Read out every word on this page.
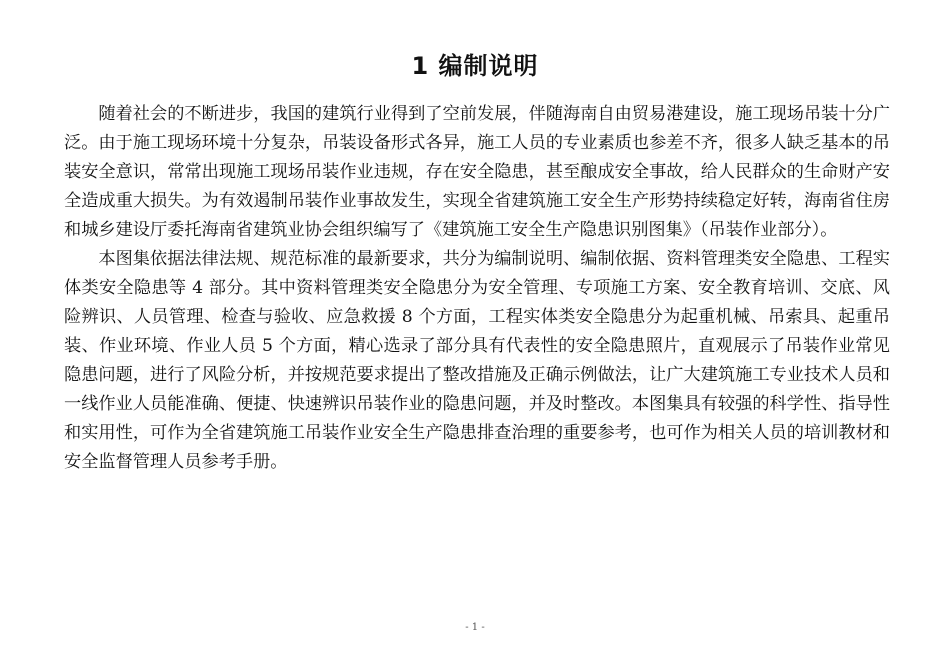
1 编制说明

随着社会的不断进步，我国的建筑行业得到了空前发展，伴随海南自由贸易港建设，施工现场吊装十分广泛。由于施工现场环境十分复杂，吊装设备形式各异，施工人员的专业素质也参差不齐，很多人缺乏基本的吊装安全意识，常常出现施工现场吊装作业违规，存在安全隐患，甚至酿成安全事故，给人民群众的生命财产安全造成重大损失。为有效遏制吊装作业事故发生，实现全省建筑施工安全生产形势持续稳定好转，海南省住房和城乡建设厅委托海南省建筑业协会组织编写了《建筑施工安全生产隐患识别图集》（吊装作业部分）。

本图集依据法律法规、规范标准的最新要求，共分为编制说明、编制依据、资料管理类安全隐患、工程实体类安全隐患等 4 部分。其中资料管理类安全隐患分为安全管理、专项施工方案、安全教育培训、交底、风险辨识、人员管理、检查与验收、应急救援 8 个方面，工程实体类安全隐患分为起重机械、吊索具、起重吊装、作业环境、作业人员 5 个方面，精心选录了部分具有代表性的安全隐患照片，直观展示了吊装作业常见隐患问题，进行了风险分析，并按规范要求提出了整改措施及正确示例做法，让广大建筑施工专业技术人员和一线作业人员能准确、便捷、快速辨识吊装作业的隐患问题，并及时整改。本图集具有较强的科学性、指导性和实用性，可作为全省建筑施工吊装作业安全生产隐患排查治理的重要参考，也可作为相关人员的培训教材和安全监督管理人员参考手册。

- 1 -
